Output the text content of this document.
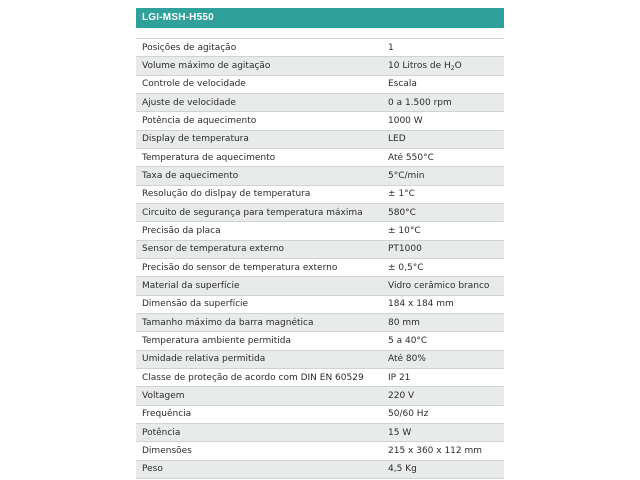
LGI-MSH-H550
Posições de agitação	1
Volume máximo de agitação	10 Litros de $H_2O$
Controle de velocidade	Escala
Ajuste de velocidade	0 a 1.500 rpm
Potência de aquecimento	1000 W
Display de temperatura	LED
Temperatura de aquecimento	Até 550°C
Taxa de aquecimento	5°C/min
Resolução do dislpay de temperatura	± 1°C
Circuito de segurança para temperatura máxima	580°C
Precisão da placa	± 10°C
Sensor de temperatura externo	PT1000
Precisão do sensor de temperatura externo	± 0,5°C
Material da superfície	Vidro cerâmico branco
Dimensão da superfície	184 x 184 mm
Tamanho máximo da barra magnética	80 mm
Temperatura ambiente permitida	5 a 40°C
Umidade relativa permitida	Até 80%
Classe de proteção de acordo com DIN EN 60529	IP 21
Voltagem	220 V
Frequência	50/60 Hz
Potência	15 W
Dimensões	215 x 360 x 112 mm
Peso	4,5 Kg
